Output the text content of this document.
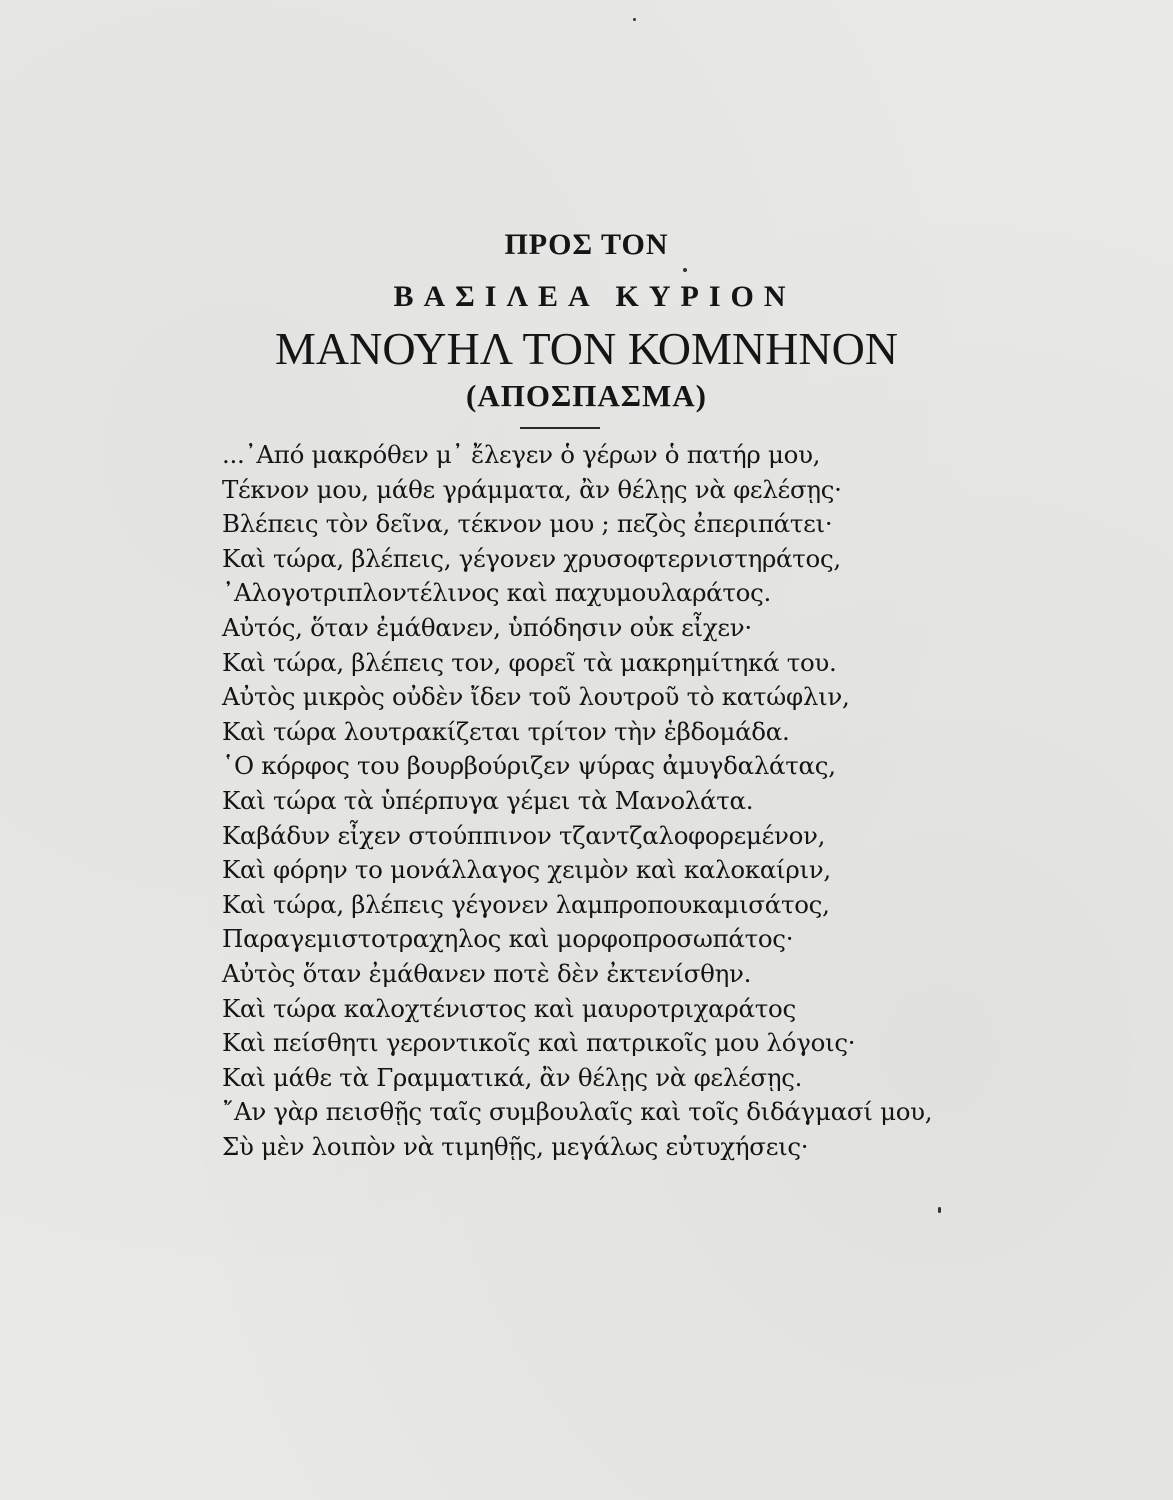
ΠΡΟΣ ΤΟΝ
ΒΑΣΙΛΕΑ ΚΥΡΙΟΝ
ΜΑΝΟΥΗΛ ΤΟΝ ΚΟΜΝΗΝΟΝ
(ΑΠΟΣΠΑΣΜΑ)
...᾿Από μακρόθεν μ᾿ ἔλεγεν ὁ γέρων ὁ πατήρ μου,
Τέκνον μου, μάθε γράμματα, ἂν θέλῃς νὰ φελέσῃς·
Βλέπεις τὸν δεῖνα, τέκνον μου ; πεζὸς ἐπεριπάτει·
Καὶ τώρα, βλέπεις, γέγονεν χρυσοφτερνιστηράτος,
᾿Αλογοτριπλοντέλινος καὶ παχυμουλαράτος.
Αὐτός, ὅταν ἐμάθανεν, ὑπόδησιν οὐκ εἶχεν·
Καὶ τώρα, βλέπεις τον, φορεῖ τὰ μακρημίτηκά του.
Αὐτὸς μικρὸς οὐδὲν ἴδεν τοῦ λουτροῦ τὸ κατώφλιν,
Καὶ τώρα λουτρακίζεται τρίτον τὴν ἑβδομάδα.
῾Ο κόρφος του βουρβούριζεν ψύρας ἀμυγδαλάτας,
Καὶ τώρα τὰ ὑπέρπυγα γέμει τὰ Μανολάτα.
Καβάδυν εἶχεν στούππινον τζαντζαλοφορεμένον,
Καὶ φόρην το μονάλλαγος χειμὸν καὶ καλοκαίριν,
Καὶ τώρα, βλέπεις γέγονεν λαμπροπουκαμισάτος,
Παραγεμιστοτραχηλος καὶ μορφοπροσωπάτος·
Αὐτὸς ὅταν ἐμάθανεν ποτὲ δὲν ἐκτενίσθην.
Καὶ τώρα καλοχτένιστος καὶ μαυροτριχαράτος
Καὶ πείσθητι γεροντικοῖς καὶ πατρικοῖς μου λόγοις·
Καὶ μάθε τὰ Γραμματικά, ἂν θέλῃς νὰ φελέσῃς.
῎Αν γὰρ πεισθῇς ταῖς συμβουλαῖς καὶ τοῖς διδάγμασί μου,
Σὺ μὲν λοιπὸν νὰ τιμηθῇς, μεγάλως εὐτυχήσεις·
